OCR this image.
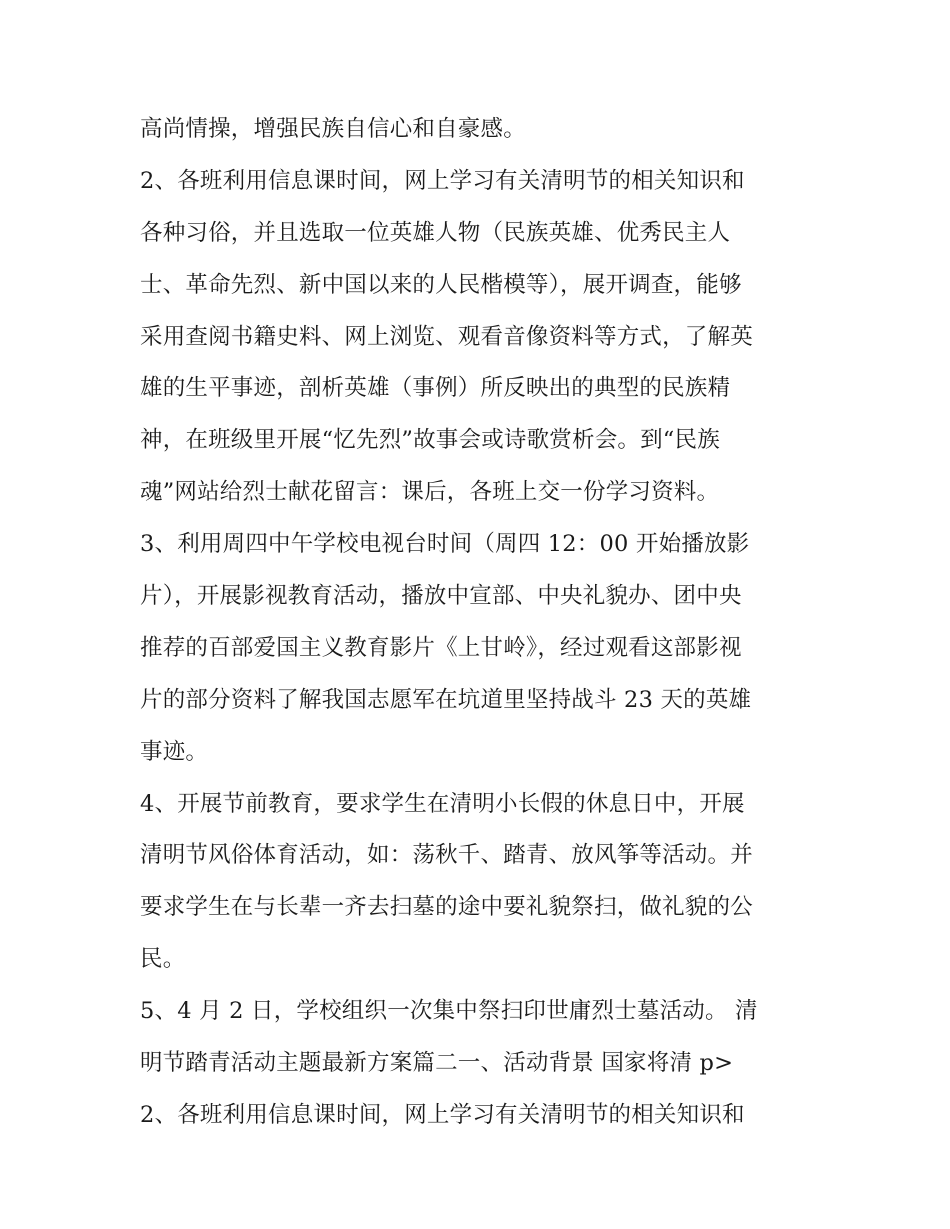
高尚情操，增强民族自信心和自豪感。
2、各班利用信息课时间，网上学习有关清明节的相关知识和
各种习俗，并且选取一位英雄人物（民族英雄、优秀民主人
士、革命先烈、新中国以来的人民楷模等），展开调查，能够
采用查阅书籍史料、网上浏览、观看音像资料等方式，了解英
雄的生平事迹，剖析英雄（事例）所反映出的典型的民族精
神，在班级里开展“忆先烈”故事会或诗歌赏析会。到“民族
魂”网站给烈士献花留言：课后，各班上交一份学习资料。
3、利用周四中午学校电视台时间（周四 12：00 开始播放影
片），开展影视教育活动，播放中宣部、中央礼貌办、团中央
推荐的百部爱国主义教育影片《上甘岭》，经过观看这部影视
片的部分资料了解我国志愿军在坑道里坚持战斗 23 天的英雄
事迹。
4、开展节前教育，要求学生在清明小长假的休息日中，开展
清明节风俗体育活动，如：荡秋千、踏青、放风筝等活动。并
要求学生在与长辈一齐去扫墓的途中要礼貌祭扫，做礼貌的公
民。
5、4 月 2 日，学校组织一次集中祭扫印世庸烈士墓活动。 清
明节踏青活动主题最新方案篇二一、活动背景 国家将清 p>
2、各班利用信息课时间，网上学习有关清明节的相关知识和
